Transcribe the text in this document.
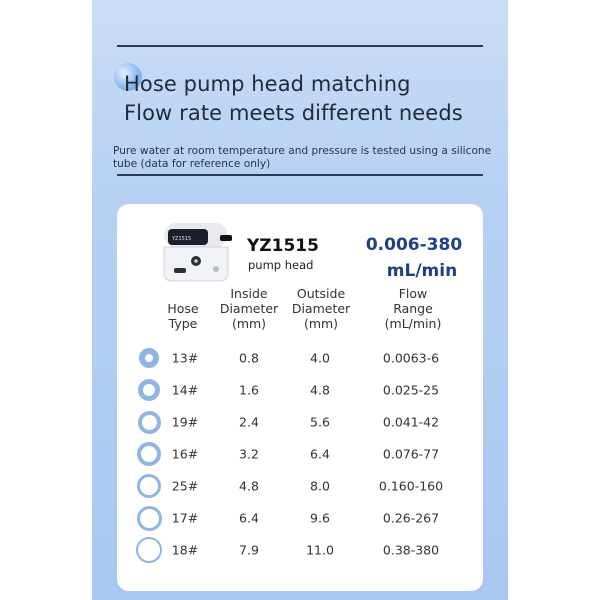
Hose pump head matching
Flow rate meets different needs
Pure water at room temperature and pressure is tested using a silicone tube (data for reference only)
YZ1515	YZ1515
pump head
0.006-380
mL/min
Hose
Type
Inside
Diameter
(mm)
Outside
Diameter
(mm)
Flow
Range
(mL/min)
13#	0.8	4.0	0.0063-6
14#	1.6	4.8	0.025-25
19#	2.4	5.6	0.041-42
16#	3.2	6.4	0.076-77
25#	4.8	8.0	0.160-160
17#	6.4	9.6	0.26-267
18#	7.9	11.0	0.38-380
